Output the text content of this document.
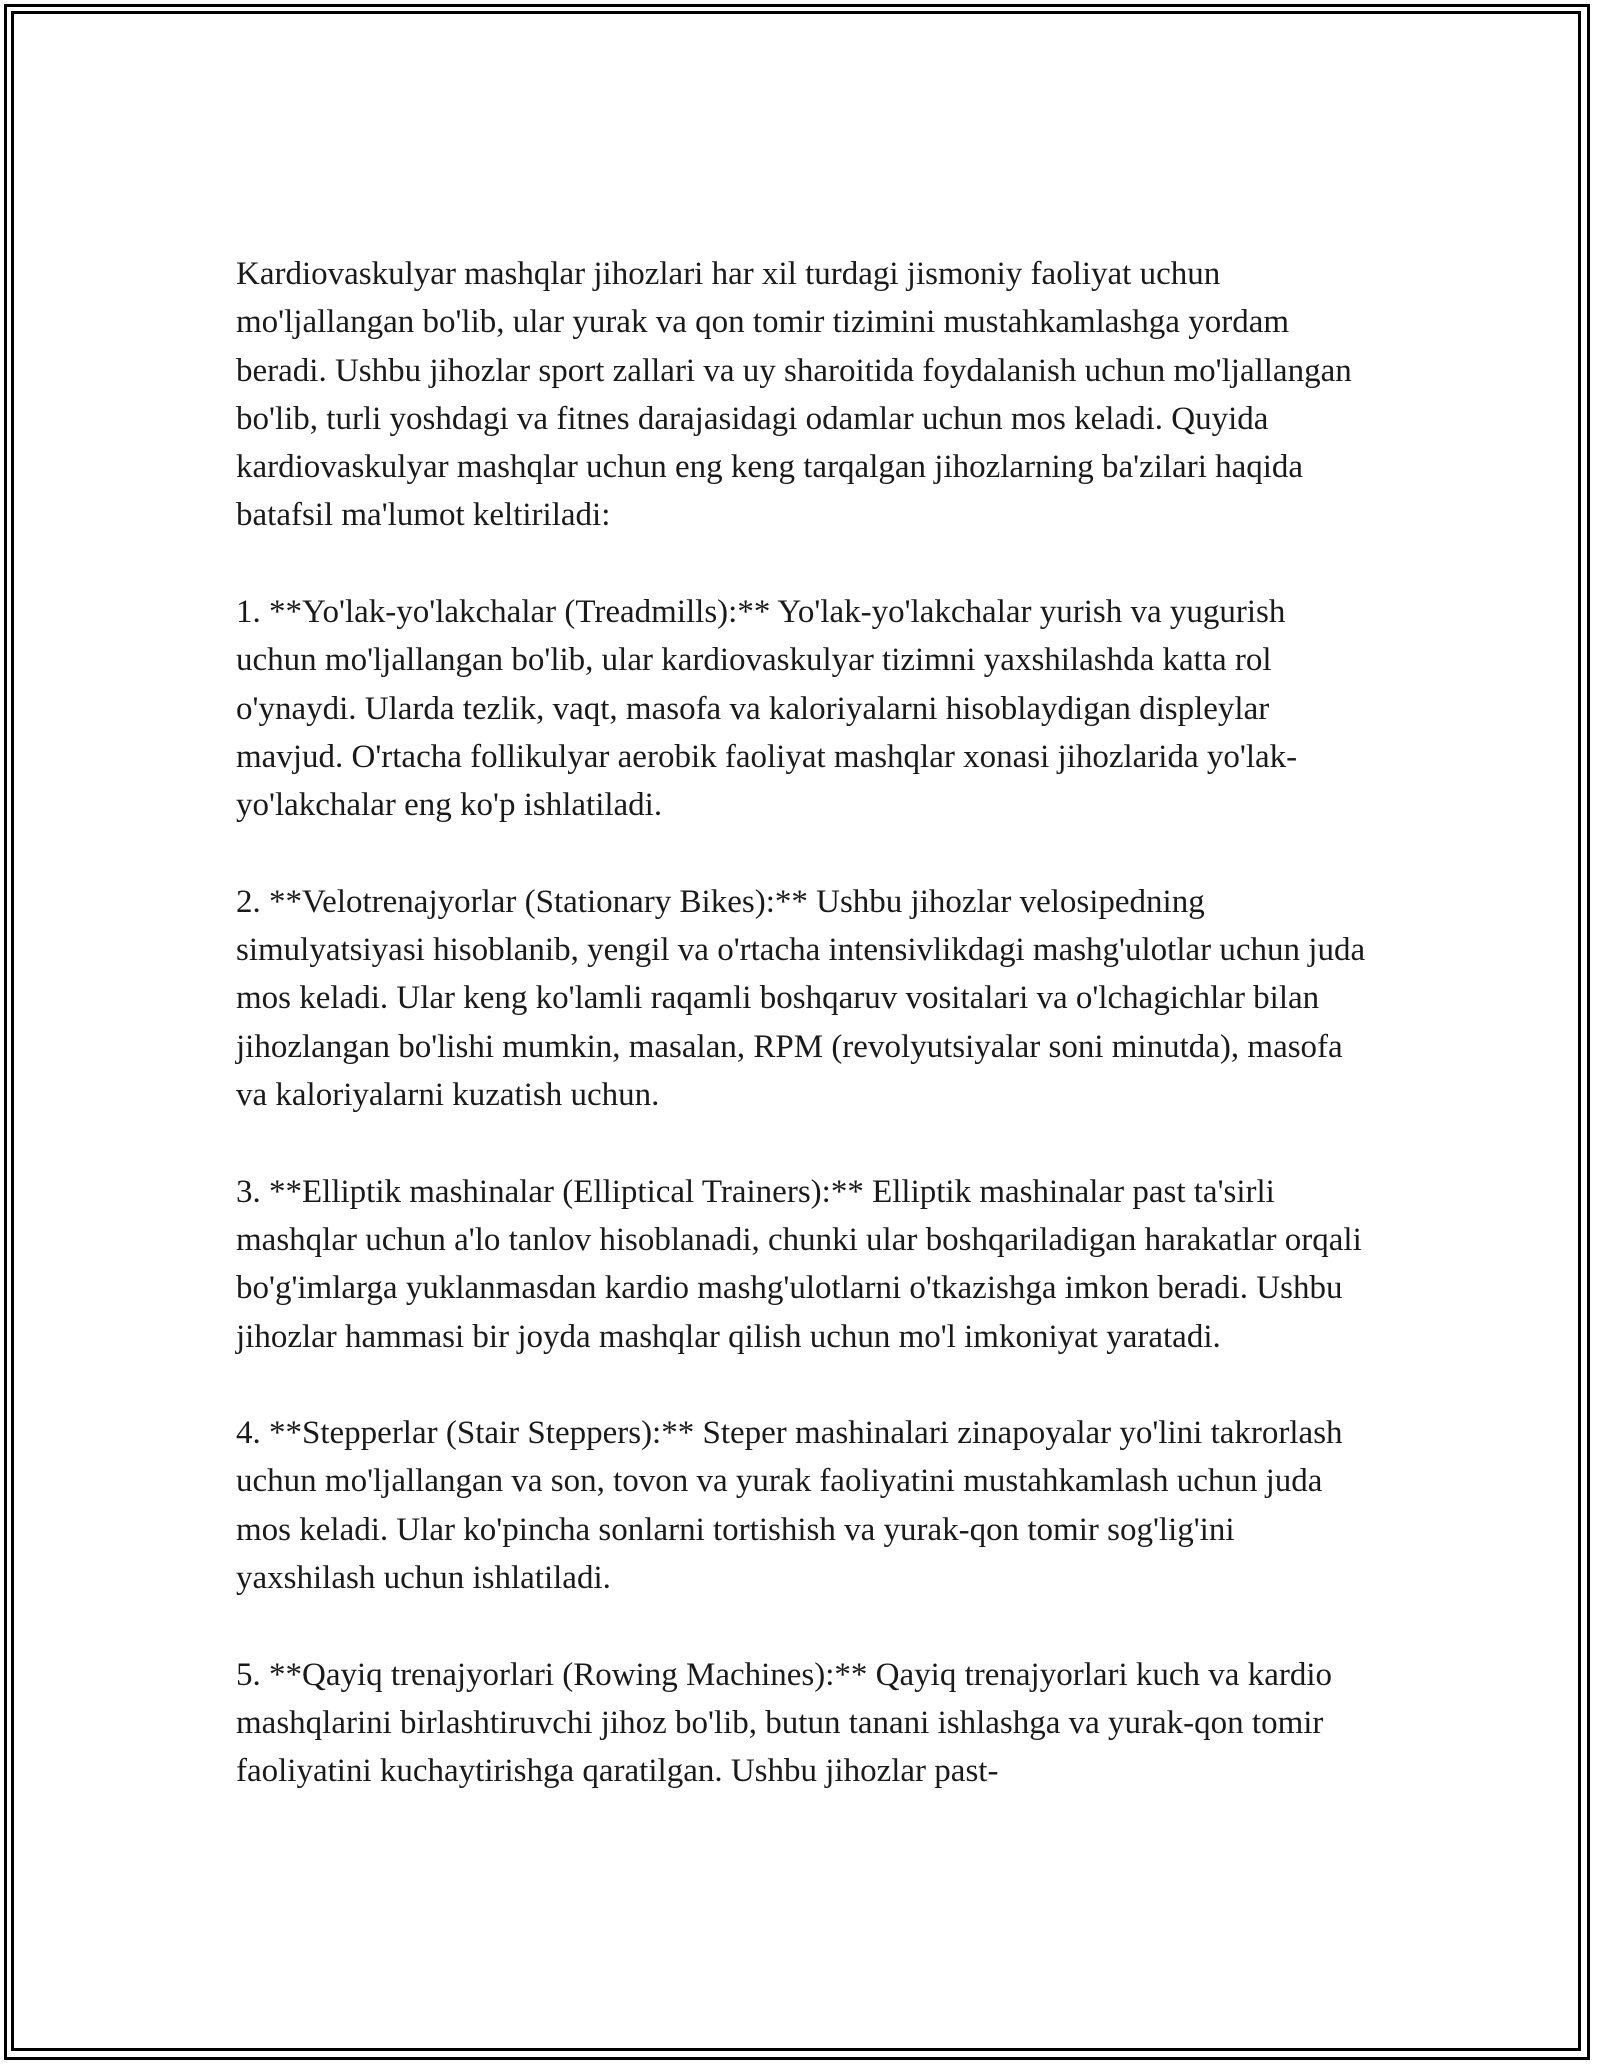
Kardiovaskulyar mashqlar jihozlari har xil turdagi jismoniy faoliyat uchun mo'ljallangan bo'lib, ular yurak va qon tomir tizimini mustahkamlashga yordam beradi. Ushbu jihozlar sport zallari va uy sharoitida foydalanish uchun mo'ljallangan bo'lib, turli yoshdagi va fitnes darajasidagi odamlar uchun mos keladi. Quyida kardiovaskulyar mashqlar uchun eng keng tarqalgan jihozlarning ba'zilari haqida batafsil ma'lumot keltiriladi:

1. **Yo'lak-yo'lakchalar (Treadmills):** Yo'lak-yo'lakchalar yurish va yugurish uchun mo'ljallangan bo'lib, ular kardiovaskulyar tizimni yaxshilashda katta rol o'ynaydi. Ularda tezlik, vaqt, masofa va kaloriyalarni hisoblaydigan displeylar mavjud. O'rtacha follikulyar aerobik faoliyat mashqlar xonasi jihozlarida yo'lak-yo'lakchalar eng ko'p ishlatiladi.

2. **Velotrenajyorlar (Stationary Bikes):** Ushbu jihozlar velosipedning simulyatsiyasi hisoblanib, yengil va o'rtacha intensivlikdagi mashg'ulotlar uchun juda mos keladi. Ular keng ko'lamli raqamli boshqaruv vositalari va o'lchagichlar bilan jihozlangan bo'lishi mumkin, masalan, RPM (revolyutsiyalar soni minutda), masofa va kaloriyalarni kuzatish uchun.

3. **Elliptik mashinalar (Elliptical Trainers):** Elliptik mashinalar past ta'sirli mashqlar uchun a'lo tanlov hisoblanadi, chunki ular boshqariladigan harakatlar orqali bo'g'imlarga yuklanmasdan kardio mashg'ulotlarni o'tkazishga imkon beradi. Ushbu jihozlar hammasi bir joyda mashqlar qilish uchun mo'l imkoniyat yaratadi.

4. **Stepperlar (Stair Steppers):** Steper mashinalari zinapoyalar yo'lini takrorlash uchun mo'ljallangan va son, tovon va yurak faoliyatini mustahkamlash uchun juda mos keladi. Ular ko'pincha sonlarni tortishish va yurak-qon tomir sog'lig'ini yaxshilash uchun ishlatiladi.

5. **Qayiq trenajyorlari (Rowing Machines):** Qayiq trenajyorlari kuch va kardio mashqlarini birlashtiruvchi jihoz bo'lib, butun tanani ishlashga va yurak-qon tomir faoliyatini kuchaytirishga qaratilgan. Ushbu jihozlar past-
